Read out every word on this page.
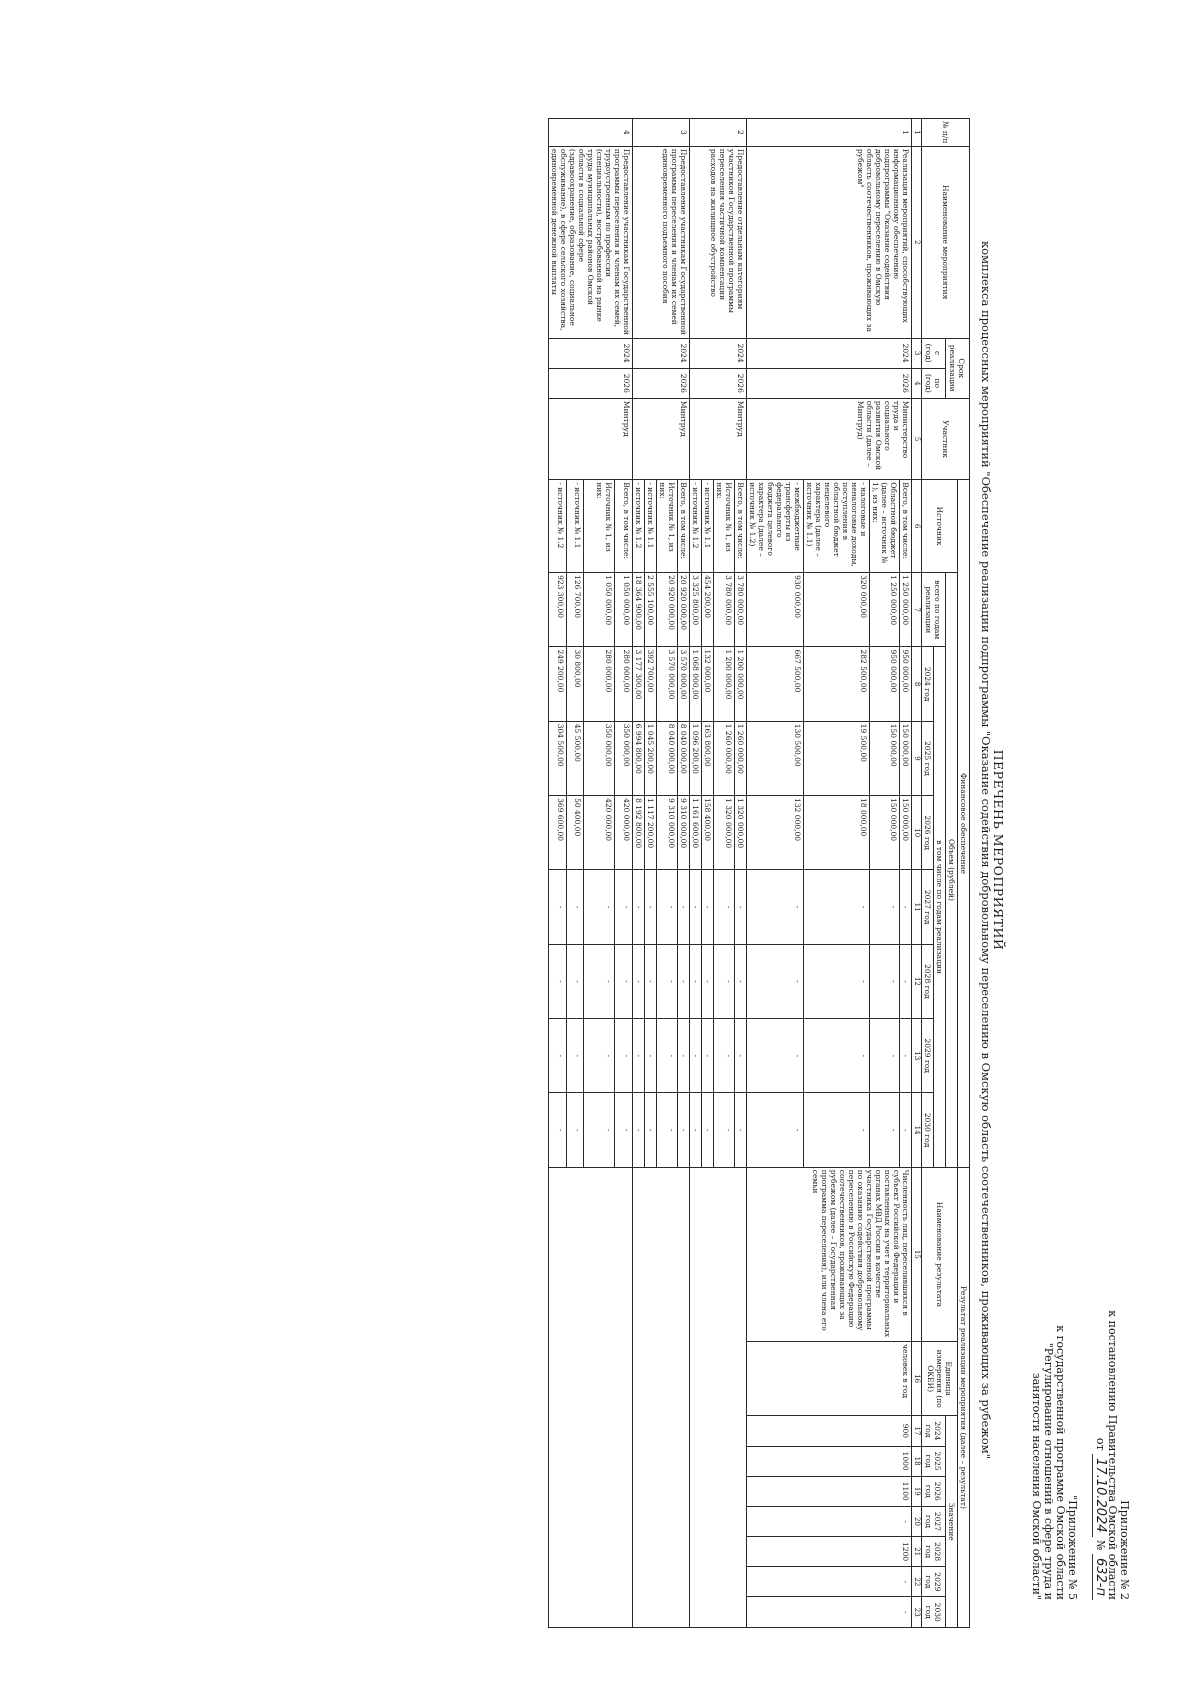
Приложение № 2
к постановлению Правительства Омской области
от 17.10.2024 № 632-п
"Приложение № 5
к государственной программе Омской области
"Регулирование отношений в сфере труда и
занятости населения Омской области"
ПЕРЕЧЕНЬ МЕРОПРИЯТИЙ
комплекса процессных мероприятий "Обеспечение реализации подпрограммы "Оказание содействия добровольному переселению в Омскую область соотечественников, проживающих за рубежом"
№ п/п	Наименование мероприятия	Срок реализации		Участник	Финансовое обеспечение									Результат реализации мероприятия (далее – результат)								
					Источник	Объем (рублей)								Наименование результата	Единица измерения (по ОКЕИ)	Значение						
		с (год)	по (год)			всего по годам реализации	в том числе по годам реализации									2024 год	2025 год	2026 год	2027 год	2028 год	2029 год	2030 год
							2024 год	2025 год	2026 год	2027 год	2028 год	2029 год	2030 год									
1	2	3	4	5	6	7	8	9	10	11	12	13	14	15	16	17	18	19	20	21	22	23
1	Реализация мероприятий, способствующих информационному обеспечению подпрограммы "Оказание содействия добровольному переселению в Омскую область соотечественников, проживающих за рубежом"	2024	2026	Министерство труда и социального развития Омской области (далее – Минтруд)	Всего, в том числе:	1 250 000,00	950 000,00	150 000,00	150 000,00	-	-	-	-	Численность лиц, переселившихся в субъект Российской Федерации и поставленных на учет в территориальных органах МВД России в качестве участника Государственной программы по оказанию содействия добровольному переселению в Российскую Федерацию соотечественников, проживающих за рубежом (далее – Государственная программа переселения), или члена его семьи	человек в год	900	1000	1100	-	1200	-	-
					Областной бюджет (далее – источник № 1), из них:	1 250 000,00	950 000,00	150 000,00	150 000,00	-	-	-	-									
					- налоговые и неналоговые доходы, поступления в областной бюджет нецелевого характера (далее – источник № 1.1)	320 000,00	282 500,00	19 500,00	18 000,00	-	-	-	-									
					- межбюджетные трансферты из федерального бюджета целевого характера (далее – источник № 1.2)	930 000,00	667 500,00	130 500,00	132 000,00	-	-	-	-									
2	Предоставление отдельным категориям участников Государственной программы переселения частичной компенсации расходов на жилищное обустройство	2024	2026	Минтруд	Всего, в том числе:	3 780 000,00	1 200 000,00	1 260 000,00	1 320 000,00	-	-	-	-									
					Источник № 1, из них:	3 780 000,00	1 200 000,00	1 260 000,00	1 320 000,00	-	-	-	-									
					- источник № 1.1	454 200,00	132 000,00	163 800,00	158 400,00	-	-	-	-									
					- источник № 1.2	3 325 800,00	1 068 000,00	1 096 200,00	1 161 600,00	-	-	-	-									
3	Предоставление участникам Государственной программы переселения и членам их семей единовременного подъемного пособия	2024	2026	Минтруд	Всего, в том числе:	20 920 000,00	3 570 000,00	8 040 000,00	9 310 000,00	-	-	-	-									
					Источник № 1, из них:	20 920 000,00	3 570 000,00	8 040 000,00	9 310 000,00	-	-	-	-									
					- источник № 1.1	2 555 100,00	392 700,00	1 045 200,00	1 117 200,00	-	-	-	-									
					- источник № 1.2	18 364 900,00	3 177 300,00	6 994 800,00	8 192 800,00	-	-	-	-									
4	Предоставление участникам Государственной программы переселения и членам их семей, трудоустроенным по профессии (специальности), востребованной на рынке труда муниципальных районов Омской области в социальной сфере (здравоохранение, образование, социальное обслуживание), в сфере сельского хозяйства, единовременной денежной выплаты	2024	2026	Минтруд	Всего, в том числе:	1 050 000,00	280 000,00	350 000,00	420 000,00	-	-	-	-									
					Источник № 1, из них:	1 050 000,00	280 000,00	350 000,00	420 000,00	-	-	-	-									
					- источник № 1.1	126 700,00	30 800,00	45 500,00	50 400,00	-	-	-	-									
					- источник № 1.2	923 300,00	249 200,00	304 500,00	369 600,00	-	-	-	-									
